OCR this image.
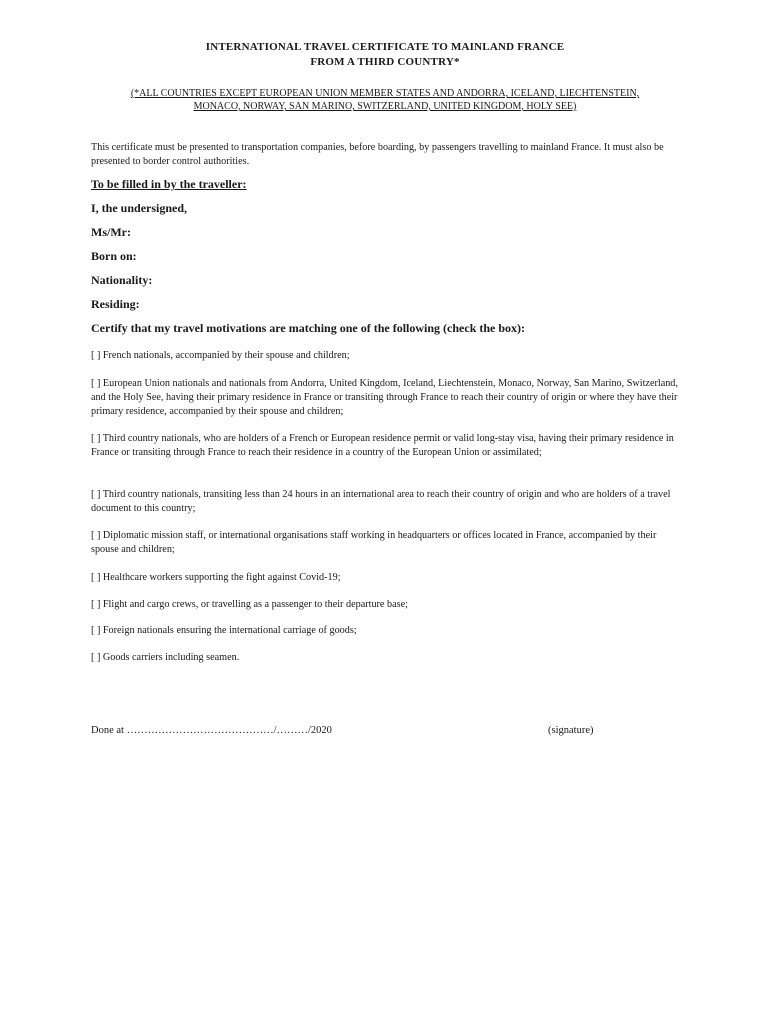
INTERNATIONAL TRAVEL CERTIFICATE TO MAINLAND FRANCE
FROM A THIRD COUNTRY*
(*ALL COUNTRIES EXCEPT EUROPEAN UNION MEMBER STATES AND ANDORRA, ICELAND, LIECHTENSTEIN,
MONACO, NORWAY, SAN MARINO, SWITZERLAND, UNITED KINGDOM, HOLY SEE)
This certificate must be presented to transportation companies, before boarding, by passengers travelling to mainland France. It must also be presented to border control authorities.
To be filled in by the traveller:
I, the undersigned,
Ms/Mr:
Born on:
Nationality:
Residing:
Certify that my travel motivations are matching one of the following (check the box):
[ ] French nationals, accompanied by their spouse and children;
[ ] European Union nationals and nationals from Andorra, United Kingdom, Iceland, Liechtenstein, Monaco, Norway, San Marino, Switzerland, and the Holy See, having their primary residence in France or transiting through France to reach their country of origin or where they have their primary residence, accompanied by their spouse and children;
[ ] Third country nationals, who are holders of a French or European residence permit or valid long-stay visa, having their primary residence in France or transiting through France to reach their residence in a country of the European Union or assimilated;
[ ] Third country nationals, transiting less than 24 hours in an international area to reach their country of origin and who are holders of a travel document to this country;
[ ] Diplomatic mission staff, or international organisations staff working in headquarters or offices located in France, accompanied by their spouse and children;
[ ] Healthcare workers supporting the fight against Covid-19;
[ ] Flight and cargo crews, or travelling as a passenger to their departure base;
[ ] Foreign nationals ensuring the international carriage of goods;
[ ] Goods carriers including seamen.
Done at ……………………………………/………/2020	(signature)
